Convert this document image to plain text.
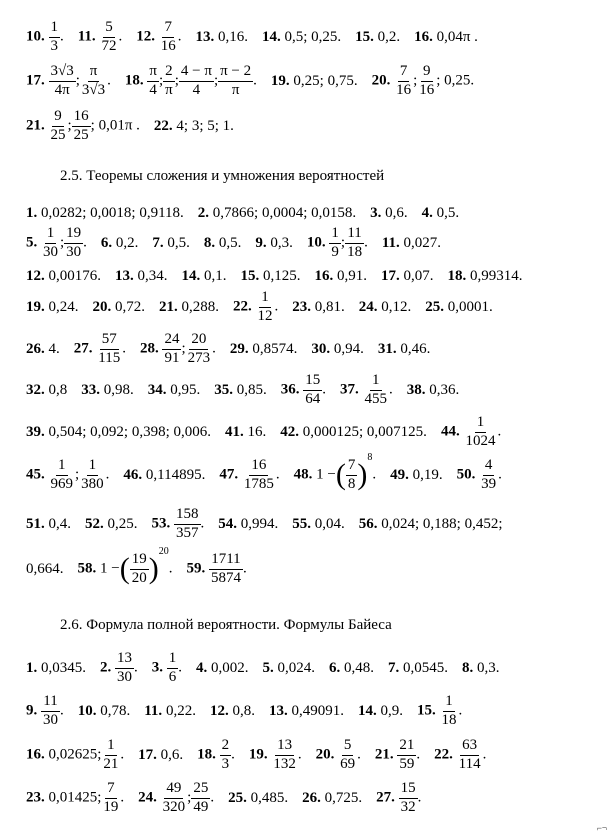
10. $\frac{1}{3}$ . 11. $\frac{5}{72}$ . 12. $\frac{7}{16}$ . 13. 0,16. 14. 0,5; 0,25. 15. 0,2. 16. 0,04π .
17. $\frac{3√3}{4\pi}$ ; $\frac{\pi}{3√3}$ . 18. $\frac{\pi}{4}$ ; $\frac{2}{\pi}$ ; $\frac{4 - \pi}{4}$ ; $\frac{\pi - 2}{\pi}$ . 19. 0,25; 0,75. 20. $\frac{7}{16}$ ; $\frac{9}{16}$ ; 0,25.
21. $\frac{9}{25}$ ; $\frac{16}{25}$ ; 0,01π . 22. 4; 3; 5; 1.
2.5. Теоремы сложения и умножения вероятностей
1. 0,0282; 0,0018; 0,9118. 2. 0,7866; 0,0004; 0,0158. 3. 0,6. 4. 0,5.
5. $\frac{1}{30}$ ; $\frac{19}{30}$ . 6. 0,2. 7. 0,5. 8. 0,5. 9. 0,3. 10. $\frac{1}{9}$ ; $\frac{11}{18}$ . 11. 0,027.
12. 0,00176. 13. 0,34. 14. 0,1. 15. 0,125. 16. 0,91. 17. 0,07. 18. 0,99314.
19. 0,24. 20. 0,72. 21. 0,288. 22. $\frac{1}{12}$ . 23. 0,81. 24. 0,12. 25. 0,0001.
26. 4. 27. $\frac{57}{115}$ . 28. $\frac{24}{91}$ ; $\frac{20}{273}$ . 29. 0,8574. 30. 0,94. 31. 0,46.
32. 0,8 33. 0,98. 34. 0,95. 35. 0,85. 36. $\frac{15}{64}$ . 37. $\frac{1}{455}$ . 38. 0,36.
39. 0,504; 0,092; 0,398; 0,006. 41. 16. 42. 0,000125; 0,007125. 44. $\frac{1}{1024}$ .
45. $\frac{1}{969}$ ; $\frac{1}{380}$ . 46. 0,114895. 47. $\frac{16}{1785}$ . 48. 1 −( $\frac{7}{8} )8$. 49. 0,19. 50. $\frac{4}{39}$ .
51. 0,4. 52. 0,25. 53. $\frac{158}{357}$ . 54. 0,994. 55. 0,04. 56. 0,024; 0,188; 0,452;
0,664. 58. 1 −( $\frac{19}{20} )20$. 59. $\frac{1711}{5874}$ .
2.6. Формула полной вероятности. Формулы Байеса
1. 0,0345. 2. $\frac{13}{30}$ . 3. $\frac{1}{6}$ . 4. 0,002. 5. 0,024. 6. 0,48. 7. 0,0545. 8. 0,3.
9. $\frac{11}{30}$ . 10. 0,78. 11. 0,22. 12. 0,8. 13. 0,49091. 14. 0,9. 15. $\frac{1}{18}$ .
16. 0,02625; $\frac{1}{21}$ . 17. 0,6. 18. $\frac{2}{3}$ . 19. $\frac{13}{132}$ . 20. $\frac{5}{69}$ . 21. $\frac{21}{59}$ . 22. $\frac{63}{114}$ .
23. 0,01425; $\frac{7}{19}$ . 24. $\frac{49}{320}$ ; $\frac{25}{49}$ . 25. 0,485. 26. 0,725. 27. $\frac{15}{32}$ .
⌐¬
